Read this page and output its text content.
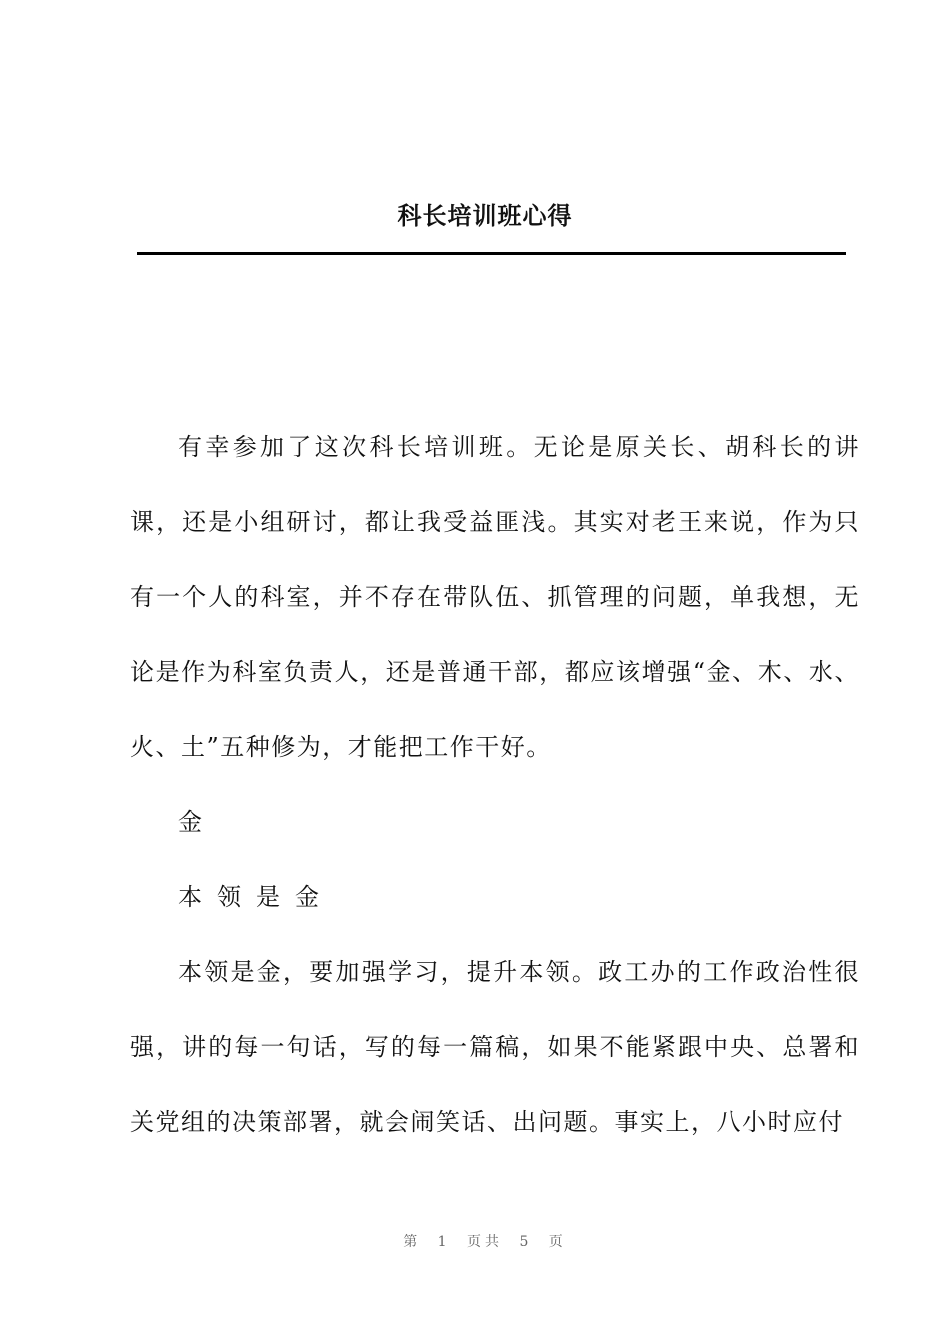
科长培训班心得

有幸参加了这次科长培训班。无论是原关长、胡科长的讲课，还是小组研讨，都让我受益匪浅。其实对老王来说，作为只有一个人的科室，并不存在带队伍、抓管理的问题，单我想，无论是作为科室负责人，还是普通干部，都应该增强“金、木、水、火、土”五种修为，才能把工作干好。

金

本领是金

本领是金，要加强学习，提升本领。政工办的工作政治性很强，讲的每一句话，写的每一篇稿，如果不能紧跟中央、总署和关党组的决策部署，就会闹笑话、出问题。事实上，八小时应付

第 1 页共 5 页
